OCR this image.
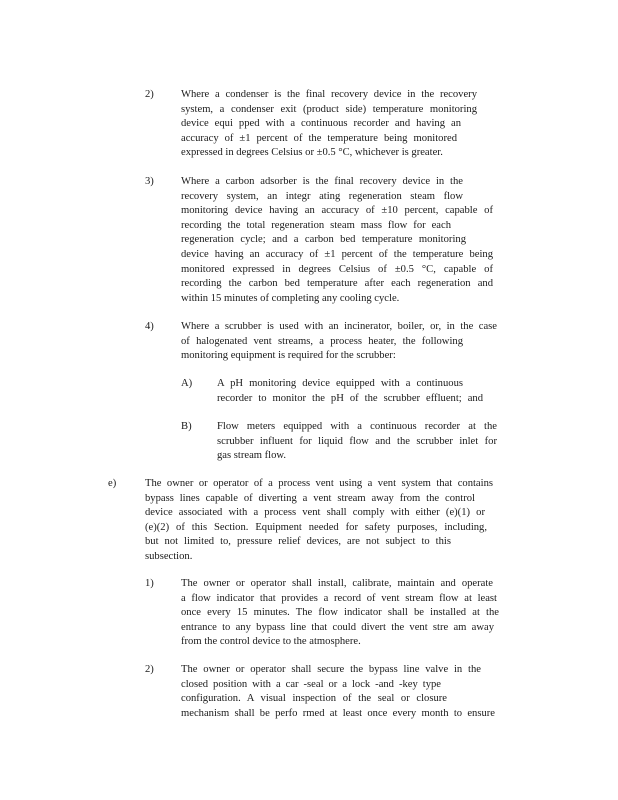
2)	Where a condenser is the final recovery device in the recovery
system, a condenser exit (product side) temperature monitoring
device equi pped with a continuous recorder and having an
accuracy of ±1 percent of the temperature being monitored
expressed in degrees Celsius or ±0.5 °C, whichever is greater.
3)	Where a carbon adsorber is the final recovery device in the
recovery system, an integr ating regeneration steam flow
monitoring device having an accuracy of ±10 percent, capable of
recording the total regeneration steam mass flow for each
regeneration cycle; and a carbon bed temperature monitoring
device having an accuracy of ±1 percent of the temperature being
monitored expressed in degrees Celsius of ±0.5 °C, capable of
recording the carbon bed temperature after each regeneration and
within 15 minutes of completing any cooling cycle.
4)	Where a scrubber is used with an incinerator, boiler, or, in the case
of halogenated vent streams, a process heater, the following
monitoring equipment is required for the scrubber:
A) A pH monitoring device equipped with a continuous
recorder to monitor the pH of the scrubber effluent; and
B) Flow meters equipped with a continuous recorder at the
scrubber influent for liquid flow and the scrubber inlet for
gas stream flow.
e)	The owner or operator of a process vent using a vent system that contains
bypass lines capable of diverting a vent stream away from the control
device associated with a process vent shall comply with either (e)(1) or
(e)(2) of this Section. Equipment needed for safety purposes, including,
but not limited to, pressure relief devices, are not subject to this
subsection.
1)	The owner or operator shall install, calibrate, maintain and operate
a flow indicator that provides a record of vent stream flow at least
once every 15 minutes. The flow indicator shall be installed at the
entrance to any bypass line that could divert the vent stre am away
from the control device to the atmosphere.
2)	The owner or operator shall secure the bypass line valve in the
closed position with a car -seal or a lock -and -key type
configuration. A visual inspection of the seal or closure
mechanism shall be perfo rmed at least once every month to ensure
